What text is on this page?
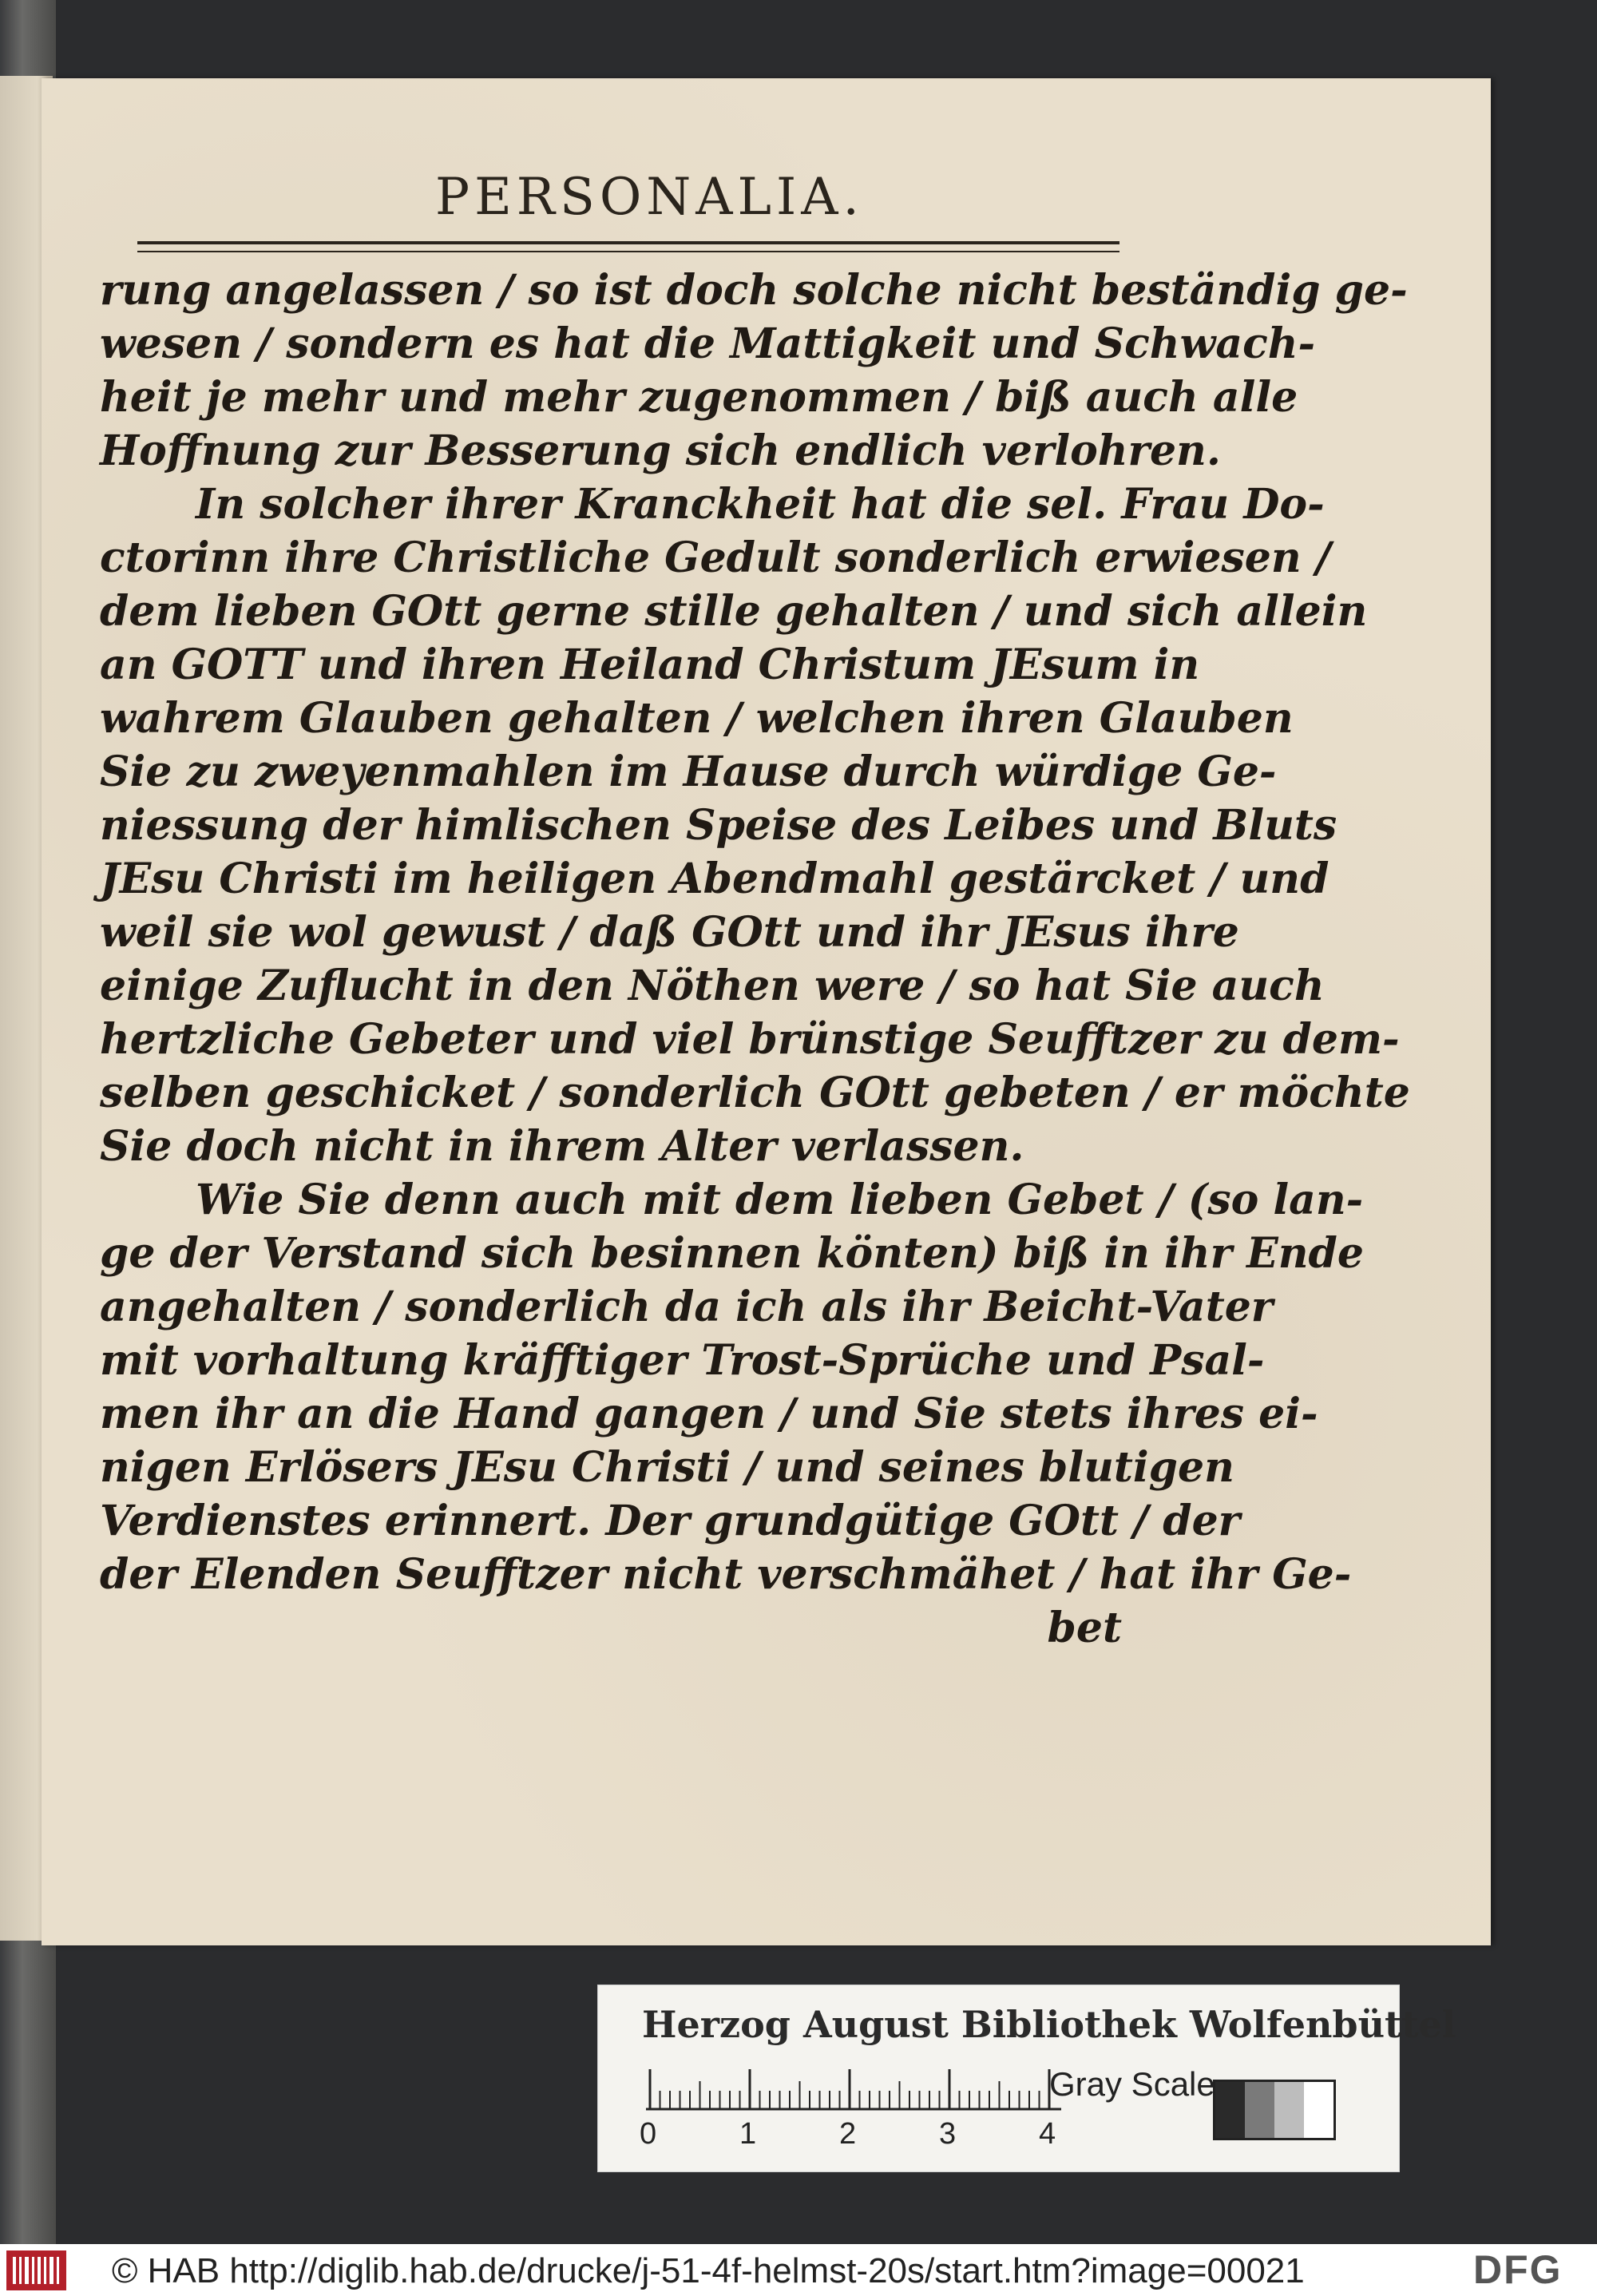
PERSONALIA.
rung angelassen / so ist doch solche nicht beständig ge-
wesen / sondern es hat die Mattigkeit und Schwach-
heit je mehr und mehr zugenommen / biß auch alle
Hoffnung zur Besserung sich endlich verlohren.
In solcher ihrer Kranckheit hat die sel. Frau Do-
ctorinn ihre Christliche Gedult sonderlich erwiesen /
dem lieben GOtt gerne stille gehalten / und sich allein
an GOTT und ihren Heiland Christum JEsum in
wahrem Glauben gehalten / welchen ihren Glauben
Sie zu zweyenmahlen im Hause durch würdige Ge-
niessung der himlischen Speise des Leibes und Bluts
JEsu Christi im heiligen Abendmahl gestärcket / und
weil sie wol gewust / daß GOtt und ihr JEsus ihre
einige Zuflucht in den Nöthen were / so hat Sie auch
hertzliche Gebeter und viel brünstige Seufftzer zu dem-
selben geschicket / sonderlich GOtt gebeten / er möchte
Sie doch nicht in ihrem Alter verlassen.
Wie Sie denn auch mit dem lieben Gebet / (so lan-
ge der Verstand sich besinnen könten) biß in ihr Ende
angehalten / sonderlich da ich als ihr Beicht-Vater
mit vorhaltung kräfftiger Trost-Sprüche und Psal-
men ihr an die Hand gangen / und Sie stets ihres ei-
nigen Erlösers JEsu Christi / und seines blutigen
Verdienstes erinnert. Der grundgütige GOtt / der
der Elenden Seufftzer nicht verschmähet / hat ihr Ge-
bet
Herzog August Bibliothek Wolfenbüttel
0	1	2	3	4
Gray Scale
© HAB http://diglib.hab.de/drucke/j-51-4f-helmst-20s/start.htm?image=00021	DFG
